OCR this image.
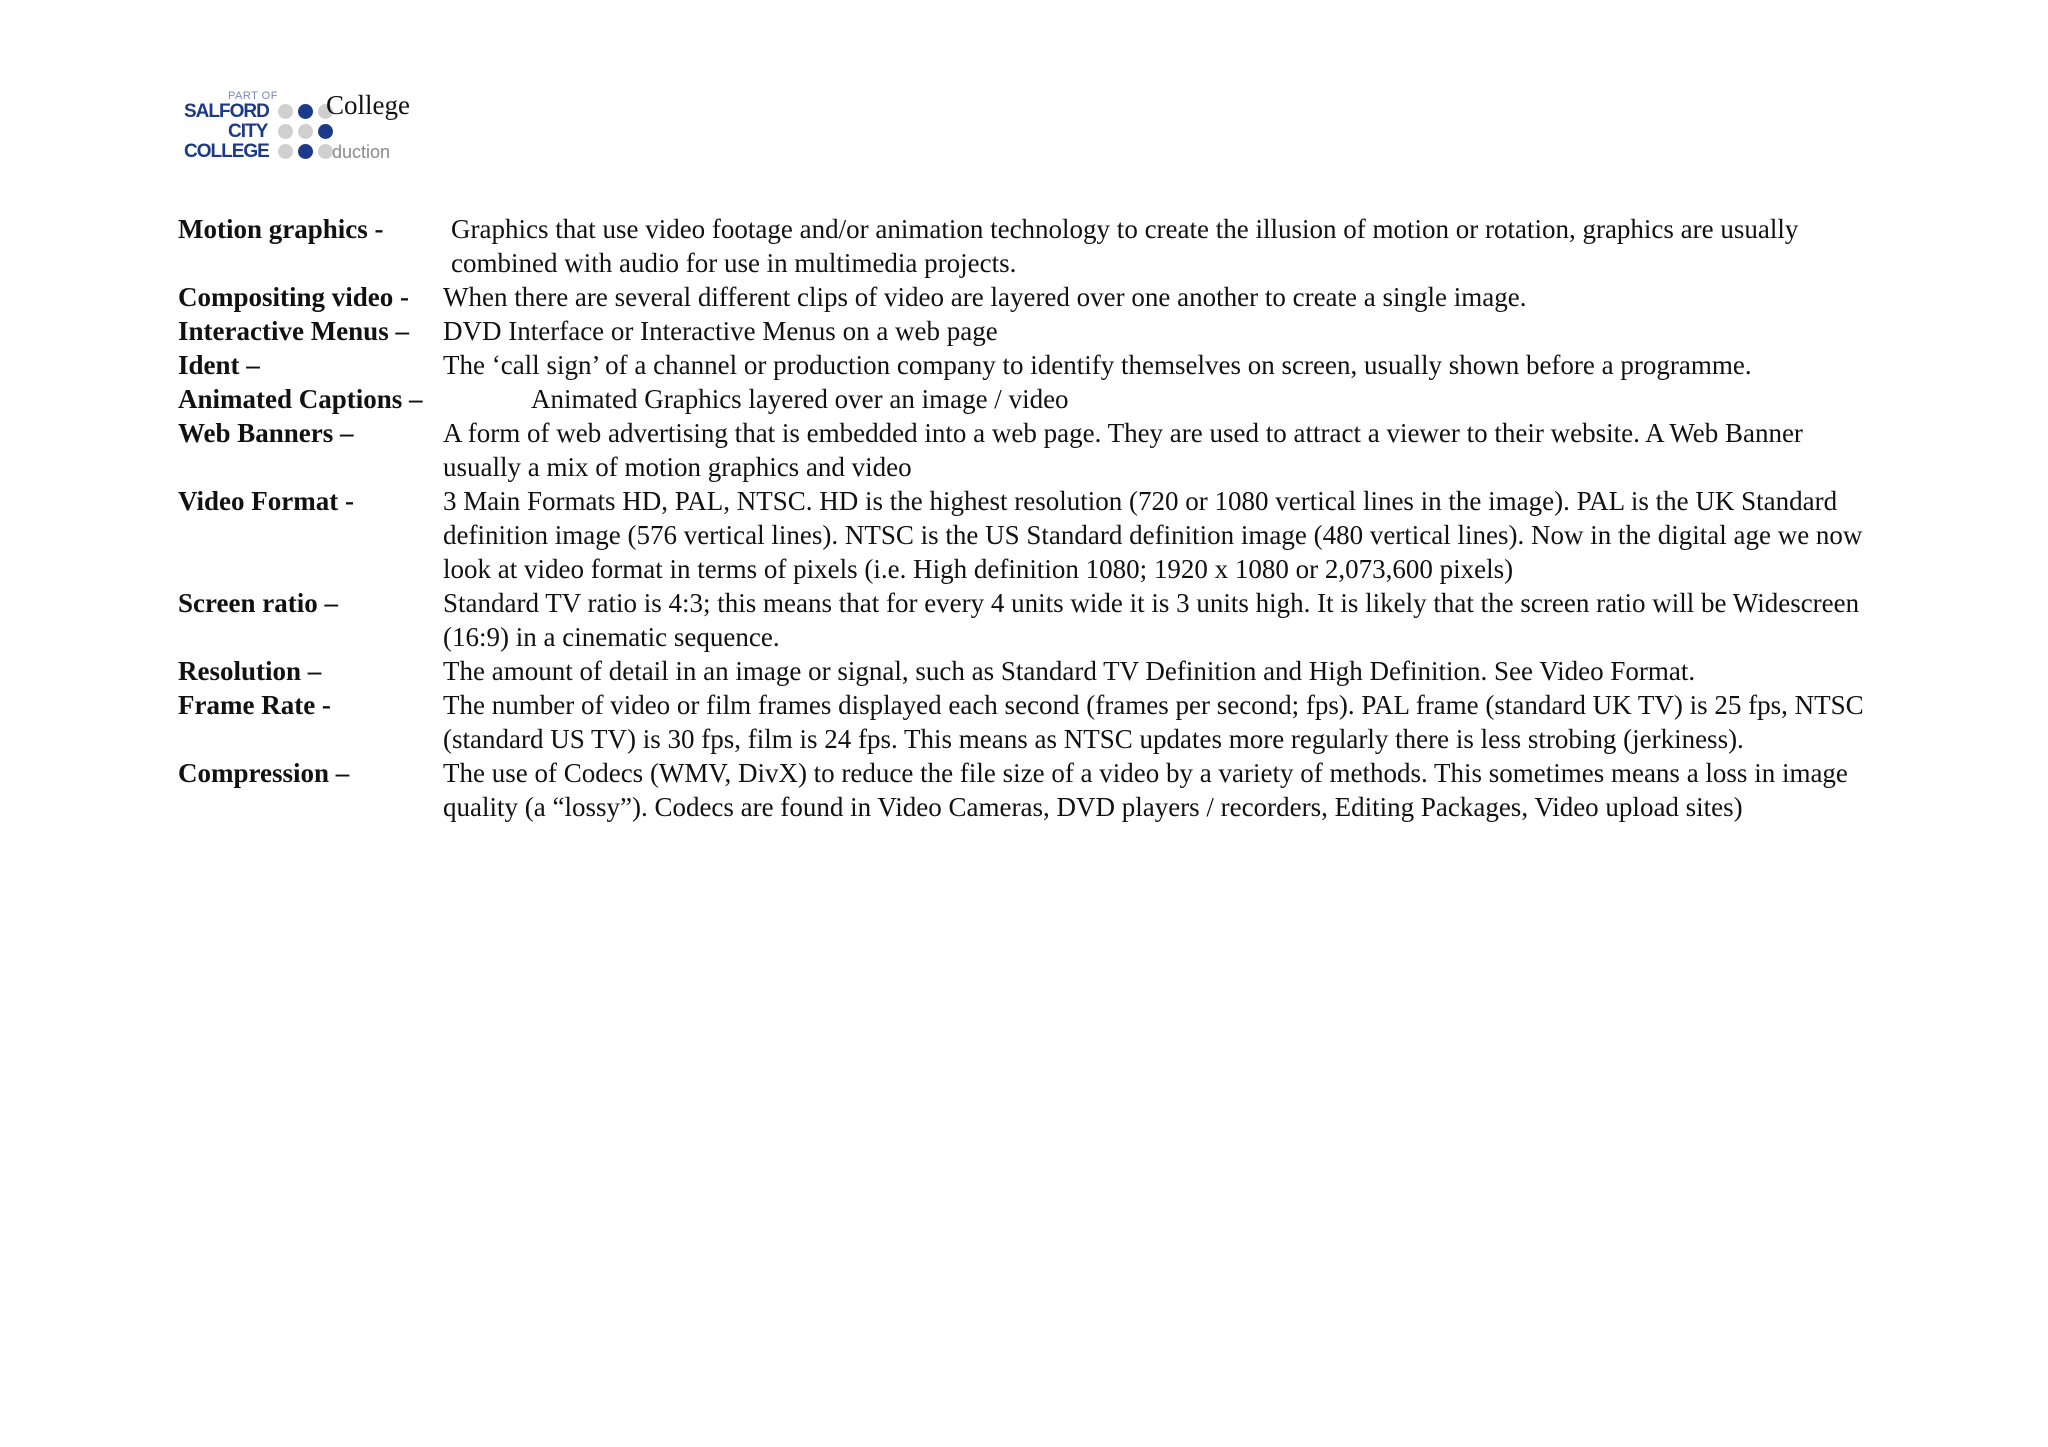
PART OF
SALFORD
CITY
COLLEGE
College
duction
Motion graphics -	Graphics that use video footage and/or animation technology to create the illusion of motion or rotation, graphics are usually combined with audio for use in multimedia projects.
Compositing video -	When there are several different clips of video are layered over one another to create a single image.
Interactive Menus –	DVD Interface or Interactive Menus on a web page
Ident –	The ‘call sign’ of a channel or production company to identify themselves on screen, usually shown before a programme.
Animated Captions –	Animated Graphics layered over an image / video
Web Banners –	A form of web advertising that is embedded into a web page. They are used to attract a viewer to their website. A Web Banner usually a mix of motion graphics and video
Video Format -	3 Main Formats HD, PAL, NTSC. HD is the highest resolution (720 or 1080 vertical lines in the image). PAL is the UK Standard definition image (576 vertical lines). NTSC is the US Standard definition image (480 vertical lines). Now in the digital age we now look at video format in terms of pixels (i.e. High definition 1080; 1920 x 1080 or 2,073,600 pixels)
Screen ratio –	Standard TV ratio is 4:3; this means that for every 4 units wide it is 3 units high. It is likely that the screen ratio will be Widescreen (16:9) in a cinematic sequence.
Resolution –	The amount of detail in an image or signal, such as Standard TV Definition and High Definition. See Video Format.
Frame Rate -	The number of video or film frames displayed each second (frames per second; fps). PAL frame (standard UK TV) is 25 fps, NTSC (standard US TV) is 30 fps, film is 24 fps. This means as NTSC updates more regularly there is less strobing (jerkiness).
Compression –	The use of Codecs (WMV, DivX) to reduce the file size of a video by a variety of methods. This sometimes means a loss in image quality (a “lossy”). Codecs are found in Video Cameras, DVD players / recorders, Editing Packages, Video upload sites)
